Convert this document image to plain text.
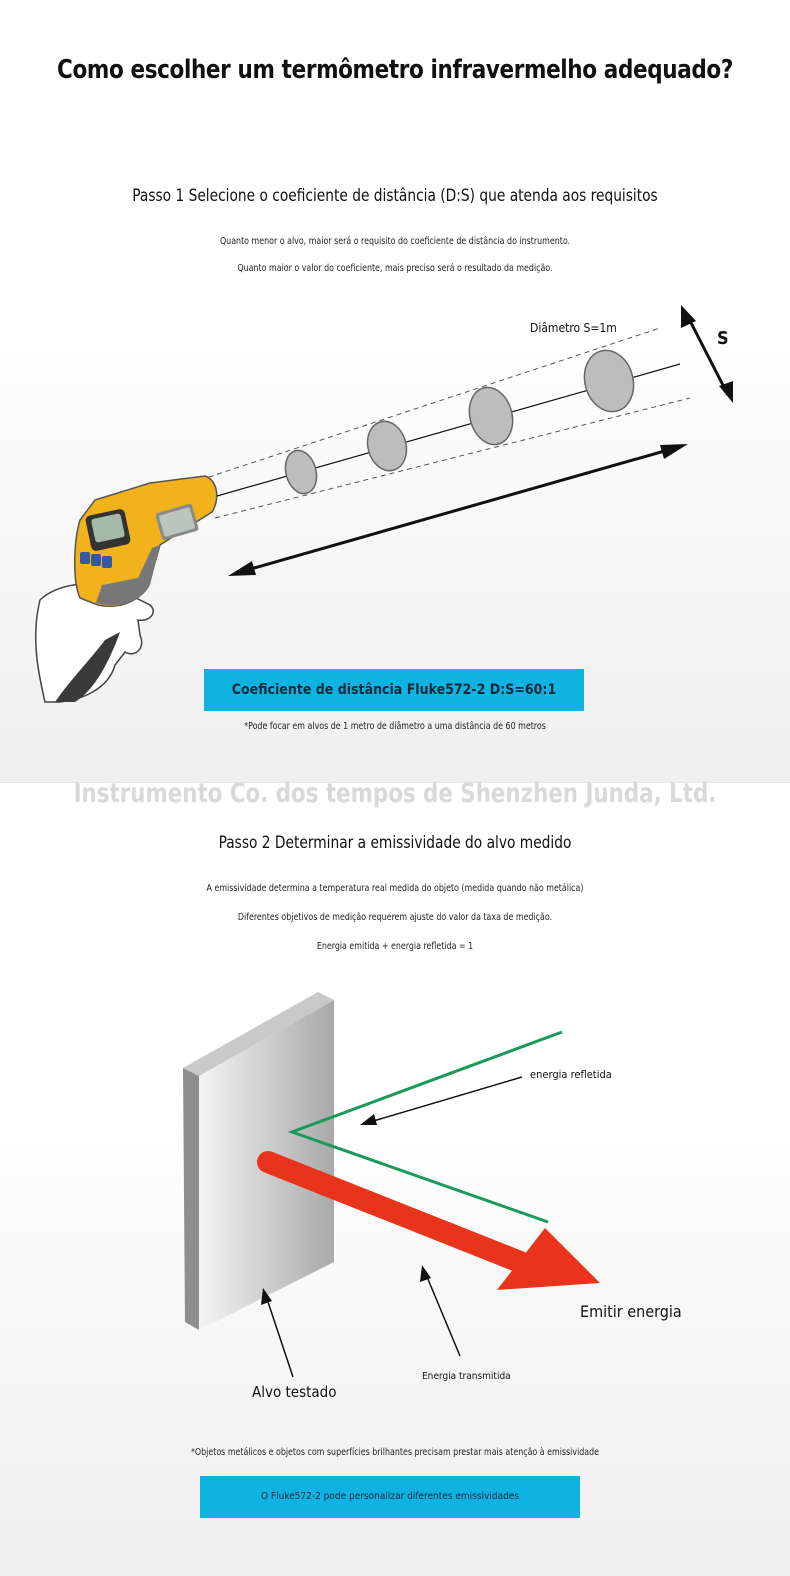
Como escolher um termômetro infravermelho adequado?
Passo 1 Selecione o coeficiente de distância (D:S) que atenda aos requisitos
Quanto menor o alvo, maior será o requisito do coeficiente de distância do instrumento.
Quanto maior o valor do coeficiente, mais preciso será o resultado da medição.
Diâmetro S=1m	S
Coeficiente de distância Fluke572-2 D:S=60:1
*Pode focar em alvos de 1 metro de diâmetro a uma distância de 60 metros
Instrumento Co. dos tempos de Shenzhen Junda, Ltd.
Passo 2 Determinar a emissividade do alvo medido
A emissividade determina a temperatura real medida do objeto (medida quando não metálica)
Diferentes objetivos de medição requerem ajuste do valor da taxa de medição.
Energia emitida + energia refletida = 1
energia refletida
Emitir energia
Energia transmitida
Alvo testado
*Objetos metálicos e objetos com superfícies brilhantes precisam prestar mais atenção à emissividade
O Fluke572-2 pode personalizar diferentes emissividades
